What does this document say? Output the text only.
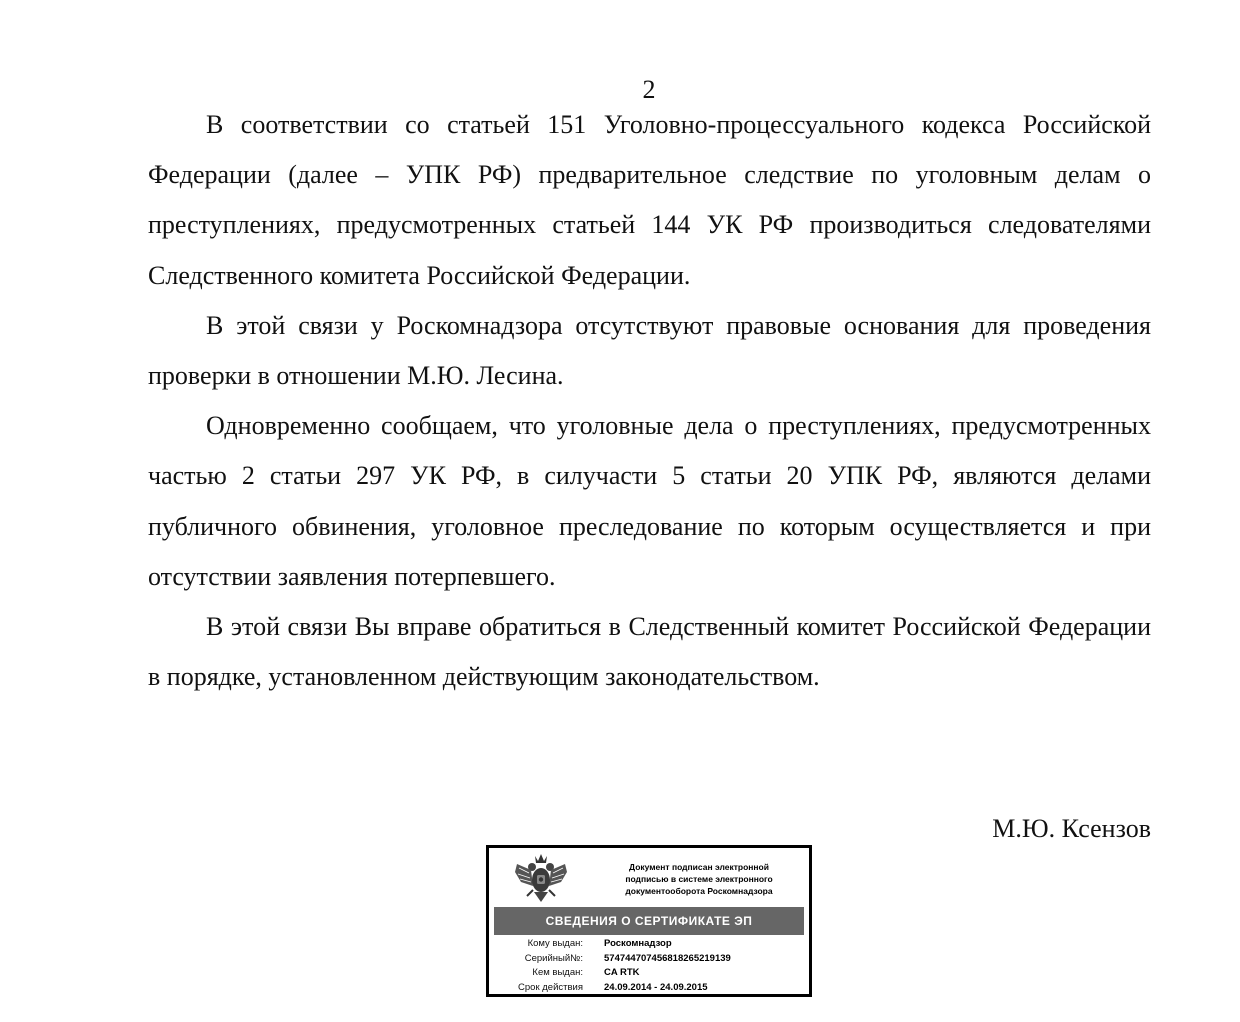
2

В соответствии со статьей 151 Уголовно-процессуального кодекса Российской Федерации (далее – УПК РФ) предварительное следствие по уголовным делам о преступлениях, предусмотренных статьей 144 УК РФ производиться следователями Следственного комитета Российской Федерации.

В этой связи у Роскомнадзора отсутствуют правовые основания для проведения проверки в отношении М.Ю. Лесина.

Одновременно сообщаем, что уголовные дела о преступлениях, предусмотренных частью 2 статьи 297 УК РФ, в силучасти 5 статьи 20 УПК РФ, являются делами публичного обвинения, уголовное преследование по которым осуществляется и при отсутствии заявления потерпевшего.

В этой связи Вы вправе обратиться в Следственный комитет Российской Федерации в порядке, установленном действующим законодательством.

М.Ю. Ксензов
Документ подписан электронной
подписью в системе электронного
документооборота Роскомнадзора
СВЕДЕНИЯ О СЕРТИФИКАТЕ ЭП
Кому выдан: Роскомнадзор
Серийный№: 574744707456818265219139
Кем выдан: CA RTK
Срок действия 24.09.2014 - 24.09.2015
